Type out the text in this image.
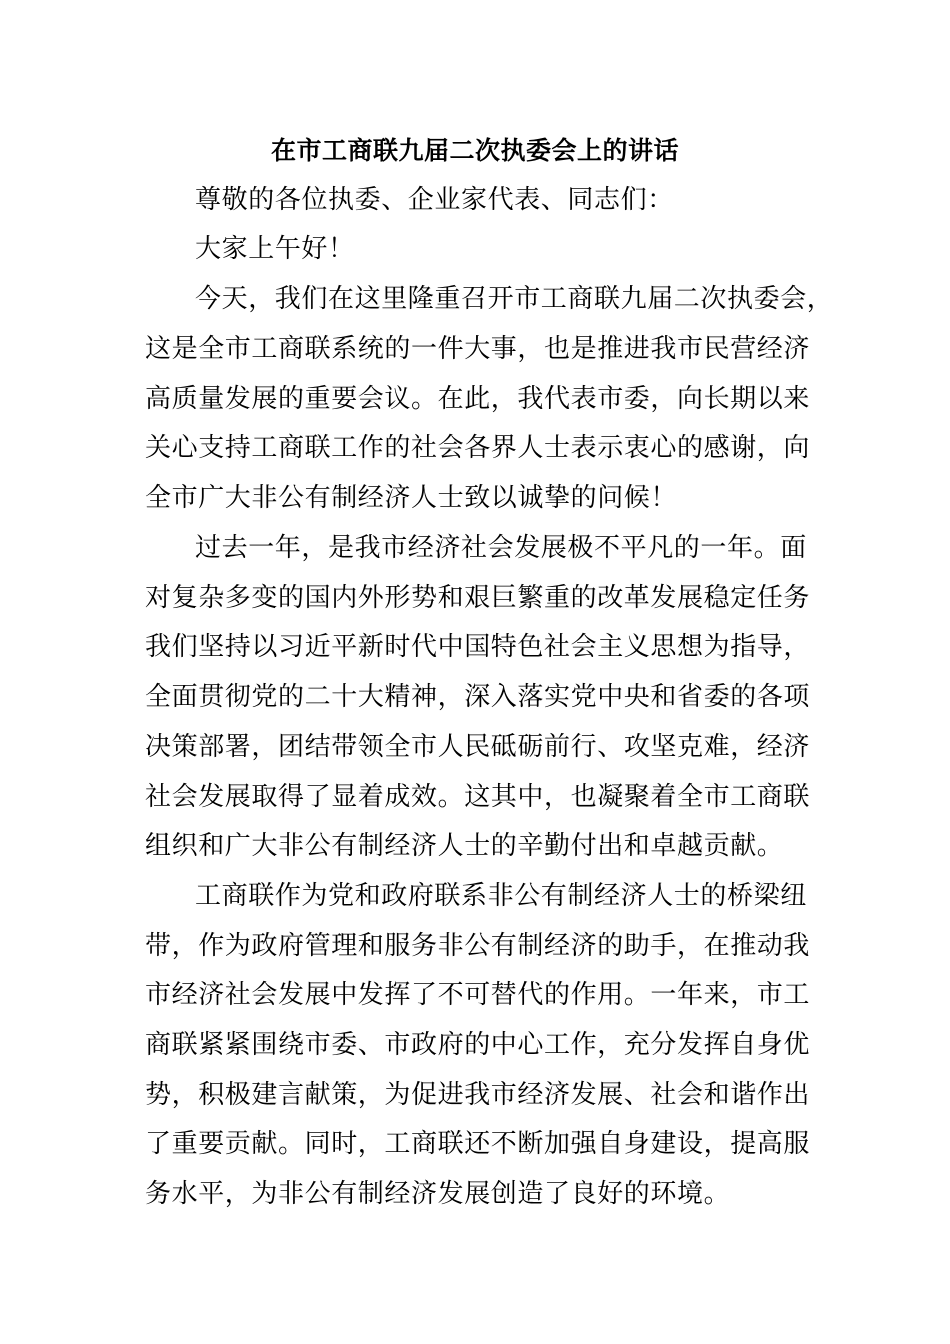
在市工商联九届二次执委会上的讲话
尊敬的各位执委、企业家代表、同志们：
大家上午好！
今天，我们在这里隆重召开市工商联九届二次执委会，
这是全市工商联系统的一件大事，也是推进我市民营经济
高质量发展的重要会议。在此，我代表市委，向长期以来
关心支持工商联工作的社会各界人士表示衷心的感谢，向
全市广大非公有制经济人士致以诚挚的问候！
过去一年，是我市经济社会发展极不平凡的一年。面
对复杂多变的国内外形势和艰巨繁重的改革发展稳定任务
我们坚持以习近平新时代中国特色社会主义思想为指导，
全面贯彻党的二十大精神，深入落实党中央和省委的各项
决策部署，团结带领全市人民砥砺前行、攻坚克难，经济
社会发展取得了显着成效。这其中，也凝聚着全市工商联
组织和广大非公有制经济人士的辛勤付出和卓越贡献。
工商联作为党和政府联系非公有制经济人士的桥梁纽
带，作为政府管理和服务非公有制经济的助手，在推动我
市经济社会发展中发挥了不可替代的作用。一年来，市工
商联紧紧围绕市委、市政府的中心工作，充分发挥自身优
势，积极建言献策，为促进我市经济发展、社会和谐作出
了重要贡献。同时，工商联还不断加强自身建设，提高服
务水平，为非公有制经济发展创造了良好的环境。
